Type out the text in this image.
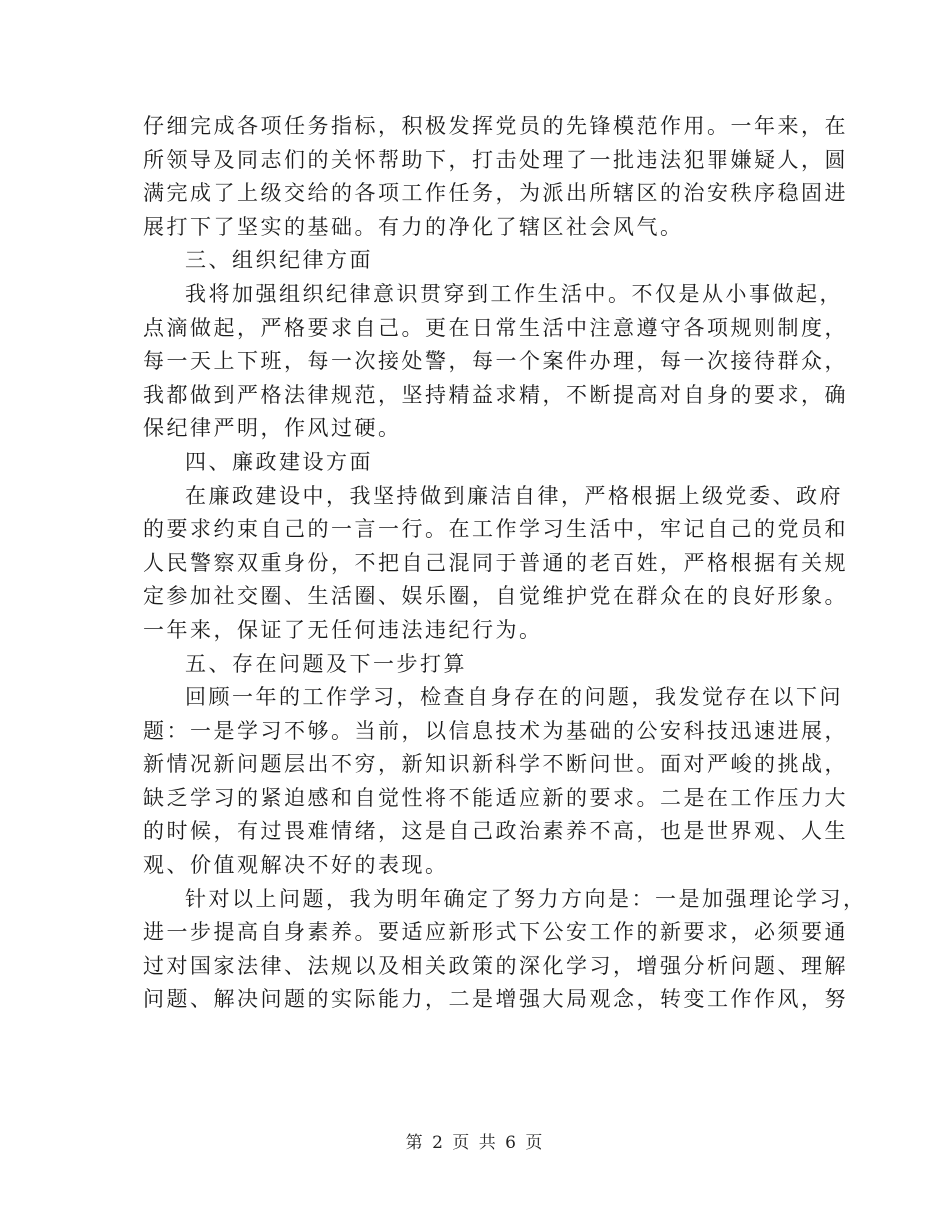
仔细完成各项任务指标，积极发挥党员的先锋模范作用。一年来，在
所领导及同志们的关怀帮助下，打击处理了一批违法犯罪嫌疑人，圆
满完成了上级交给的各项工作任务，为派出所辖区的治安秩序稳固进
展打下了坚实的基础。有力的净化了辖区社会风气。
三、组织纪律方面
我将加强组织纪律意识贯穿到工作生活中。不仅是从小事做起，
点滴做起，严格要求自己。更在日常生活中注意遵守各项规则制度，
每一天上下班，每一次接处警，每一个案件办理，每一次接待群众，
我都做到严格法律规范，坚持精益求精，不断提高对自身的要求，确
保纪律严明，作风过硬。
四、廉政建设方面
在廉政建设中，我坚持做到廉洁自律，严格根据上级党委、政府
的要求约束自己的一言一行。在工作学习生活中，牢记自己的党员和
人民警察双重身份，不把自己混同于普通的老百姓，严格根据有关规
定参加社交圈、生活圈、娱乐圈，自觉维护党在群众在的良好形象。
一年来，保证了无任何违法违纪行为。
五、存在问题及下一步打算
回顾一年的工作学习，检查自身存在的问题，我发觉存在以下问
题：一是学习不够。当前，以信息技术为基础的公安科技迅速进展，
新情况新问题层出不穷，新知识新科学不断问世。面对严峻的挑战，
缺乏学习的紧迫感和自觉性将不能适应新的要求。二是在工作压力大
的时候，有过畏难情绪，这是自己政治素养不高，也是世界观、人生
观、价值观解决不好的表现。
针对以上问题，我为明年确定了努力方向是：一是加强理论学习，
进一步提高自身素养。要适应新形式下公安工作的新要求，必须要通
过对国家法律、法规以及相关政策的深化学习，增强分析问题、理解
问题、解决问题的实际能力，二是增强大局观念，转变工作作风，努
第 2 页 共 6 页
